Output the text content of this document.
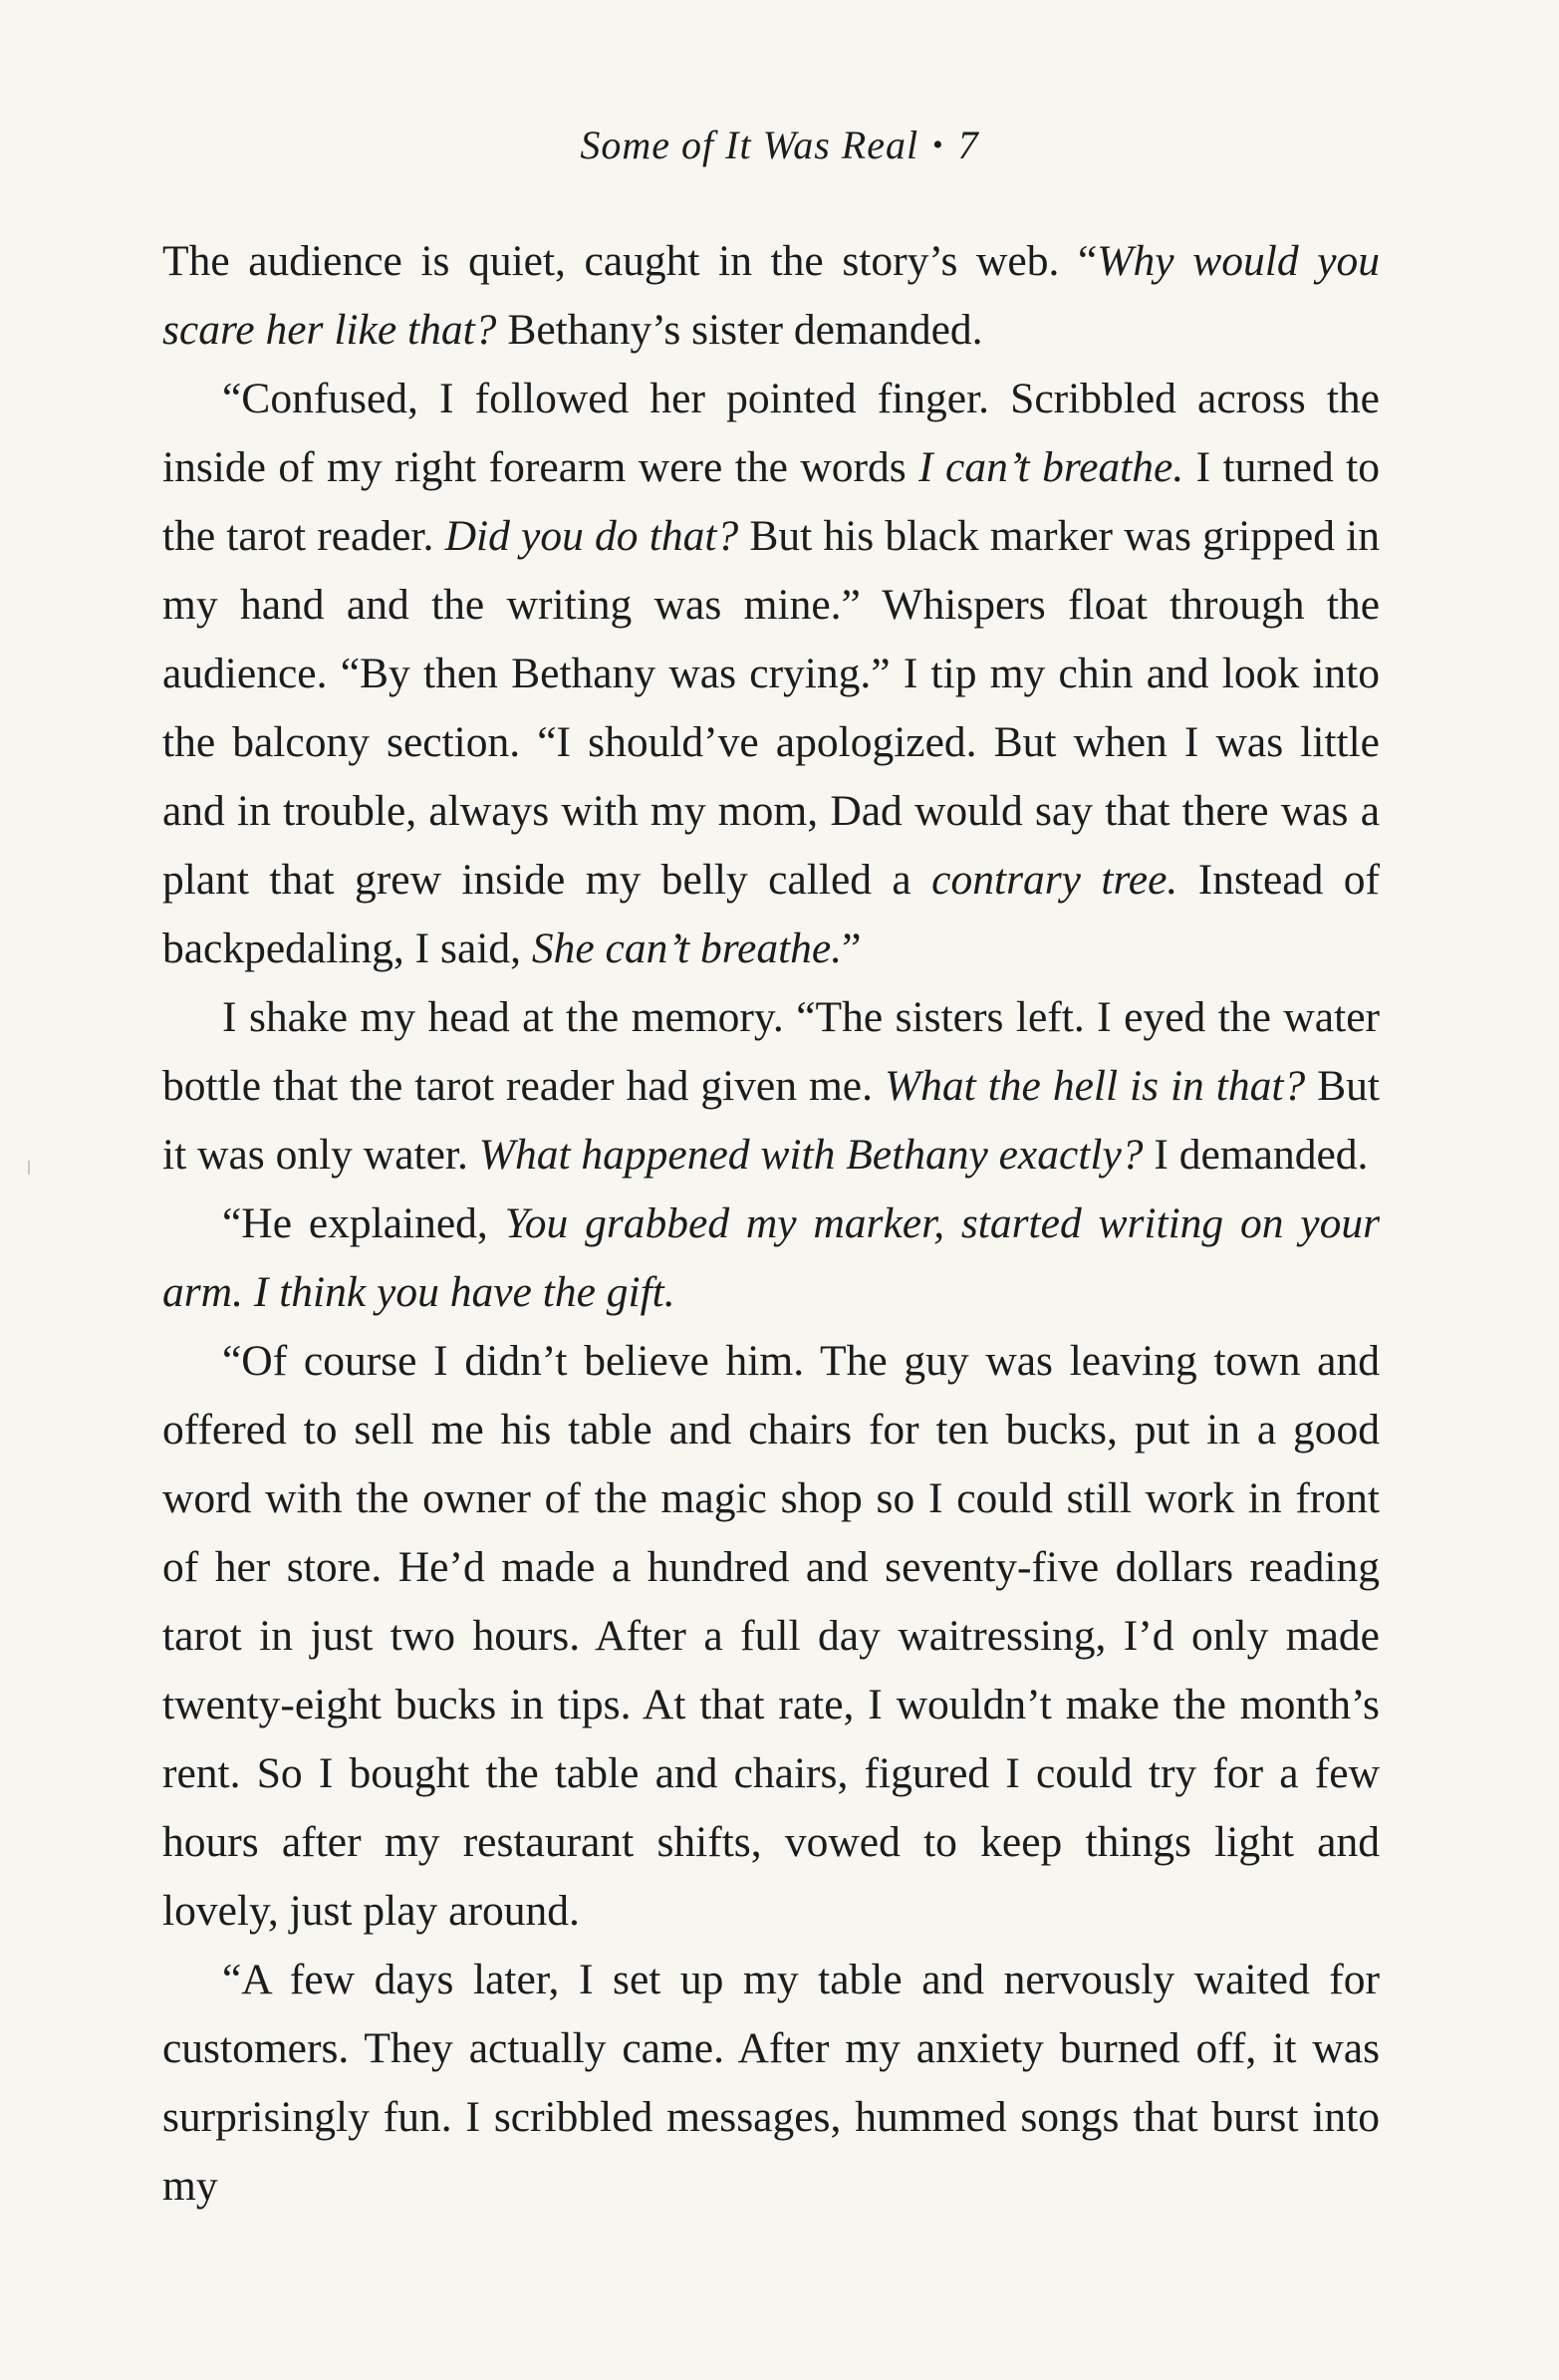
Some of It Was Real • 7

The audience is quiet, caught in the story’s web. “Why would you scare her like that? Bethany’s sister demanded.

“Confused, I followed her pointed finger. Scribbled across the inside of my right forearm were the words I can’t breathe. I turned to the tarot reader. Did you do that? But his black marker was gripped in my hand and the writing was mine.” Whispers float through the audience. “By then Bethany was crying.” I tip my chin and look into the balcony section. “I should’ve apologized. But when I was little and in trouble, always with my mom, Dad would say that there was a plant that grew inside my belly called a contrary tree. Instead of backpedaling, I said, She can’t breathe.”

I shake my head at the memory. “The sisters left. I eyed the water bottle that the tarot reader had given me. What the hell is in that? But it was only water. What happened with Bethany exactly? I demanded.

“He explained, You grabbed my marker, started writing on your arm. I think you have the gift.

“Of course I didn’t believe him. The guy was leaving town and offered to sell me his table and chairs for ten bucks, put in a good word with the owner of the magic shop so I could still work in front of her store. He’d made a hundred and seventy-five dollars reading tarot in just two hours. After a full day waitressing, I’d only made twenty-eight bucks in tips. At that rate, I wouldn’t make the month’s rent. So I bought the table and chairs, figured I could try for a few hours after my restaurant shifts, vowed to keep things light and lovely, just play around.

“A few days later, I set up my table and nervously waited for customers. They actually came. After my anxiety burned off, it was surprisingly fun. I scribbled messages, hummed songs that burst into my
